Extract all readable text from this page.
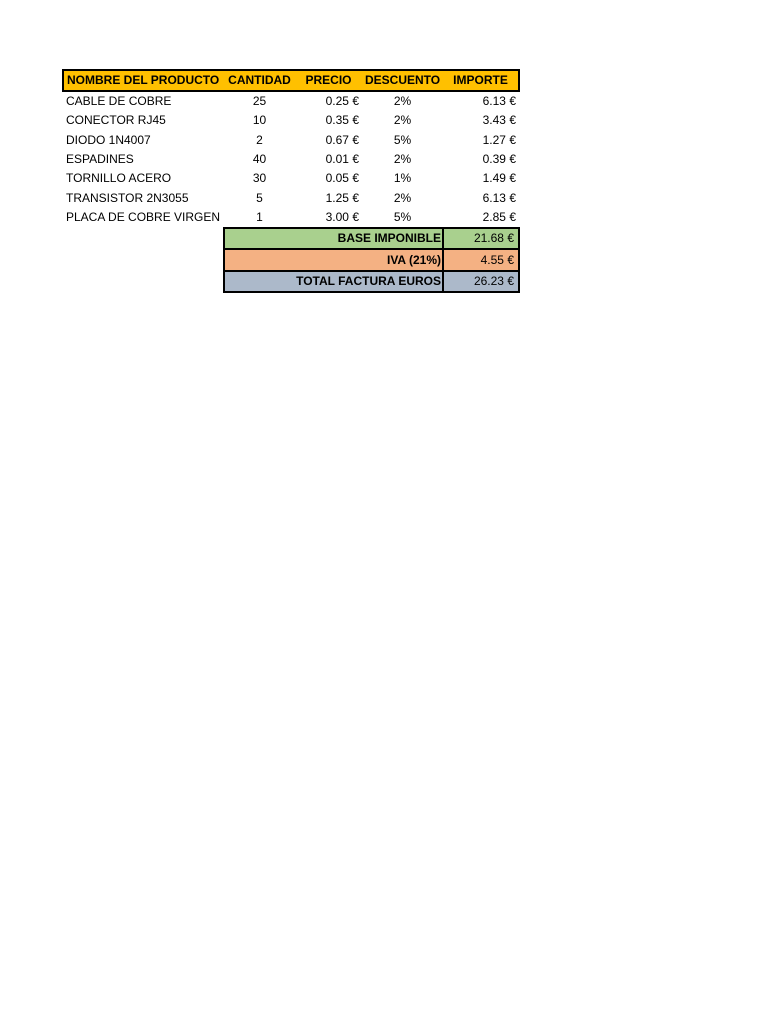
NOMBRE DEL PRODUCTO	CANTIDAD	PRECIO	DESCUENTO	IMPORTE
CABLE DE COBRE	25	0.25 €	2%	6.13 €
CONECTOR RJ45	10	0.35 €	2%	3.43 €
DIODO 1N4007	2	0.67 €	5%	1.27 €
ESPADINES	40	0.01 €	2%	0.39 €
TORNILLO ACERO	30	0.05 €	1%	1.49 €
TRANSISTOR 2N3055	5	1.25 €	2%	6.13 €
PLACA DE COBRE VIRGEN	1	3.00 €	5%	2.85 €
	BASE IMPONIBLE			21.68 €
	IVA (21%)			4.55 €
	TOTAL FACTURA EUROS			26.23 €
